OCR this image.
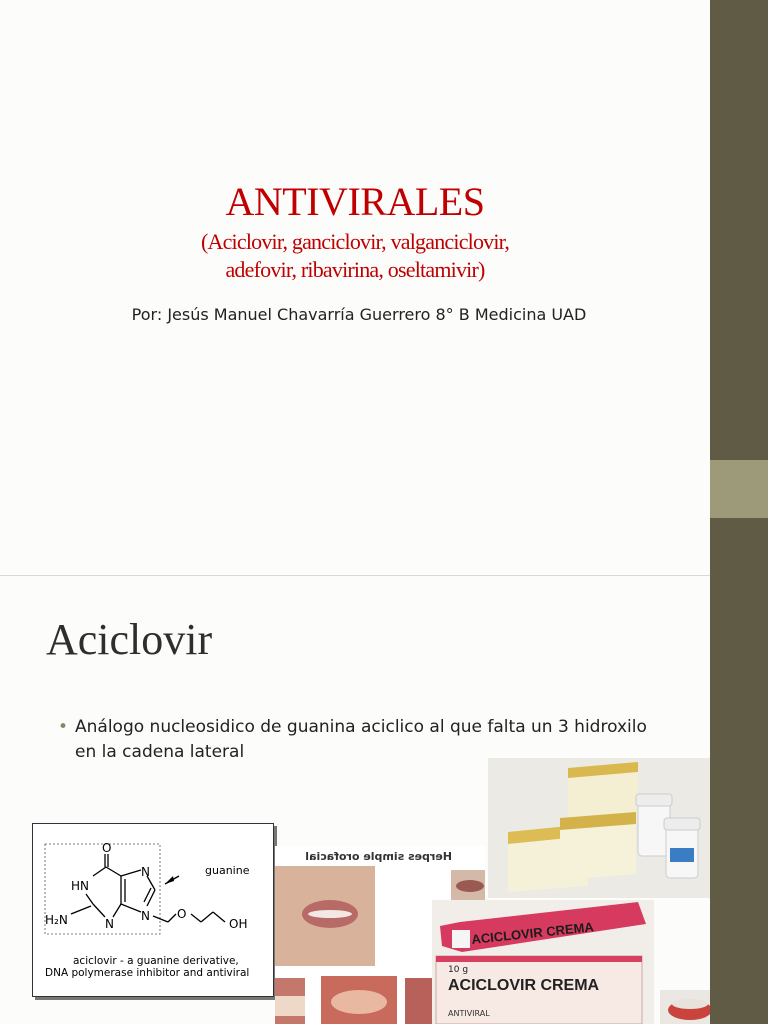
ANTIVIRALES
(Aciclovir, ganciclovir, valganciclovir,
adefovir, ribavirina, oseltamivir)
Por: Jesús Manuel Chavarría Guerrero 8° B Medicina UAD
Aciclovir
• Análogo nucleosidico de guanina aciclico al que falta un 3 hidroxilo
en la cadena lateral
O
HN
N
N
N
H₂N	O
OH
guanine
aciclovir - a guanine derivative,
DNA polymerase inhibitor and antiviral
Herpes simple orofacial
ACICLOVIR CREMA
10 g
ACICLOVIR CREMA
ANTIVIRAL
